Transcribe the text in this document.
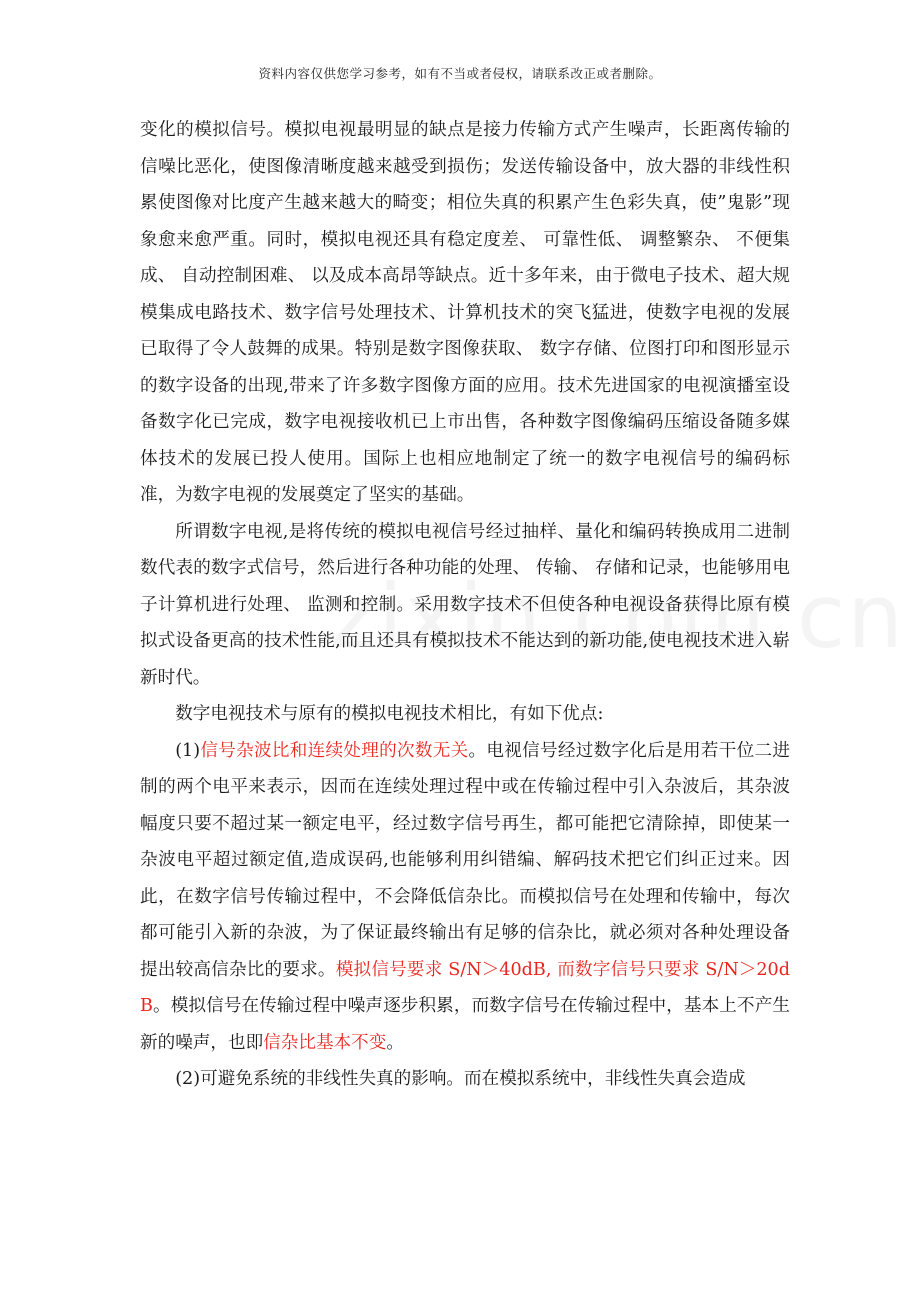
资料内容仅供您学习参考，如有不当或者侵权，请联系改正或者删除。

变化的模拟信号。模拟电视最明显的缺点是接力传输方式产生噪声，长距离传输的信噪比恶化，使图像清晰度越来越受到损伤；发送传输设备中，放大器的非线性积累使图像对比度产生越来越大的畸变；相位失真的积累产生色彩失真，使”鬼影”现象愈来愈严重。同时，模拟电视还具有稳定度差、 可靠性低、 调整繁杂、 不便集成、 自动控制困难、 以及成本高昂等缺点。近十多年来，由于微电子技术、超大规模集成电路技术、数字信号处理技术、计算机技术的突飞猛进，使数字电视的发展已取得了令人鼓舞的成果。特别是数字图像获取、 数字存储、位图打印和图形显示的数字设备的出现,带来了许多数字图像方面的应用。技术先进国家的电视演播室设备数字化已完成，数字电视接收机已上市出售，各种数字图像编码压缩设备随多媒体技术的发展已投人使用。国际上也相应地制定了统一的数字电视信号的编码标准，为数字电视的发展奠定了坚实的基础。

所谓数字电视,是将传统的模拟电视信号经过抽样、量化和编码转换成用二进制数代表的数字式信号，然后进行各种功能的处理、 传输、 存储和记录，也能够用电子计算机进行处理、 监测和控制。采用数字技术不但使各种电视设备获得比原有模拟式设备更高的技术性能,而且还具有模拟技术不能达到的新功能,使电视技术进入崭新时代。

数字电视技术与原有的模拟电视技术相比，有如下优点:

(1)信号杂波比和连续处理的次数无关。电视信号经过数字化后是用若干位二进制的两个电平来表示，因而在连续处理过程中或在传输过程中引入杂波后，其杂波幅度只要不超过某一额定电平，经过数字信号再生，都可能把它清除掉，即使某一杂波电平超过额定值,造成误码,也能够利用纠错编、解码技术把它们纠正过来。因此，在数字信号传输过程中，不会降低信杂比。而模拟信号在处理和传输中，每次都可能引入新的杂波，为了保证最终输出有足够的信杂比，就必须对各种处理设备提出较高信杂比的要求。模拟信号要求 S/N＞40dB, 而数字信号只要求 S/N＞20dB。模拟信号在传输过程中噪声逐步积累，而数字信号在传输过程中，基本上不产生新的噪声，也即信杂比基本不变。

(2)可避免系统的非线性失真的影响。而在模拟系统中，非线性失真会造成
